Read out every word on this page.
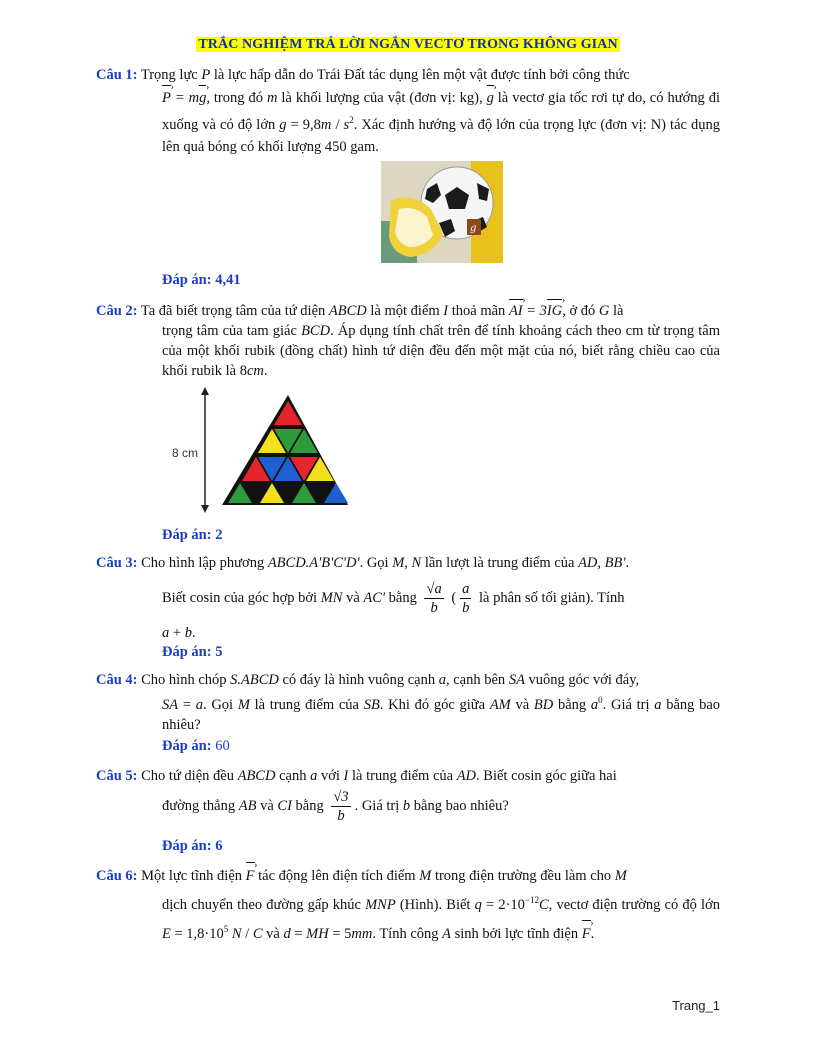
TRẮC NGHIỆM TRẢ LỜI NGẮN VECTƠ TRONG KHÔNG GIAN
Câu 1: Trọng lực P là lực hấp dẫn do Trái Đất tác dụng lên một vật được tính bởi công thức
P › = mg ›, trong đó m là khối lượng của vật (đơn vị: kg), g › là vectơ gia tốc rơi tự do, có hướng đi xuống và có độ lớn $g = 9,8m / s^2$. Xác định hướng và độ lớn của trọng lực (đơn vị: N) tác dụng lên quả bóng có khối lượng 450 gam.
g
Đáp án: 4,41
Câu 2: Ta đã biết trọng tâm của tứ diện ABCD là một điểm I thoả mãn AI › = 3IG ›, ở đó G là
trọng tâm của tam giác BCD. Áp dụng tính chất trên để tính khoảng cách theo cm từ trọng tâm của một khối rubik (đồng chất) hình tứ diện đều đến một mặt của nó, biết rằng chiều cao của khối rubik là 8cm.
8 cm
Đáp án: 2
Câu 3: Cho hình lập phương ABCD.A'B'C'D'. Gọi M, N lần lượt là trung điểm của AD, BB'.
Biết cosin của góc hợp bởi MN và AC' bằng $\frac{√a}{b}$ ( $\frac{a}{b}$ là phân số tối giản). Tính
a + b.
Đáp án: 5
Câu 4: Cho hình chóp S.ABCD có đáy là hình vuông cạnh a, cạnh bên SA vuông góc với đáy,
SA = a. Gọi M là trung điểm của SB. Khi đó góc giữa AM và BD bằng $a^0$. Giá trị a bằng bao nhiêu?
Đáp án: 60
Câu 5: Cho tứ diện đều ABCD cạnh a với I là trung điểm của AD. Biết cosin góc giữa hai
đường thẳng AB và CI bằng $\frac{√3}{b}$ . Giá trị b bằng bao nhiêu?
Đáp án: 6
Câu 6: Một lực tĩnh điện F › tác động lên điện tích điểm M trong điện trường đều làm cho M
dịch chuyển theo đường gấp khúc MNP (Hình). Biết $q = 2\cdot 10^{-12}C$, vectơ điện trường có độ lớn $E = 1,8\cdot 10^5$ N / C và d = MH = 5mm. Tính công A sinh bởi lực tĩnh điện F ›.
Trang_1
